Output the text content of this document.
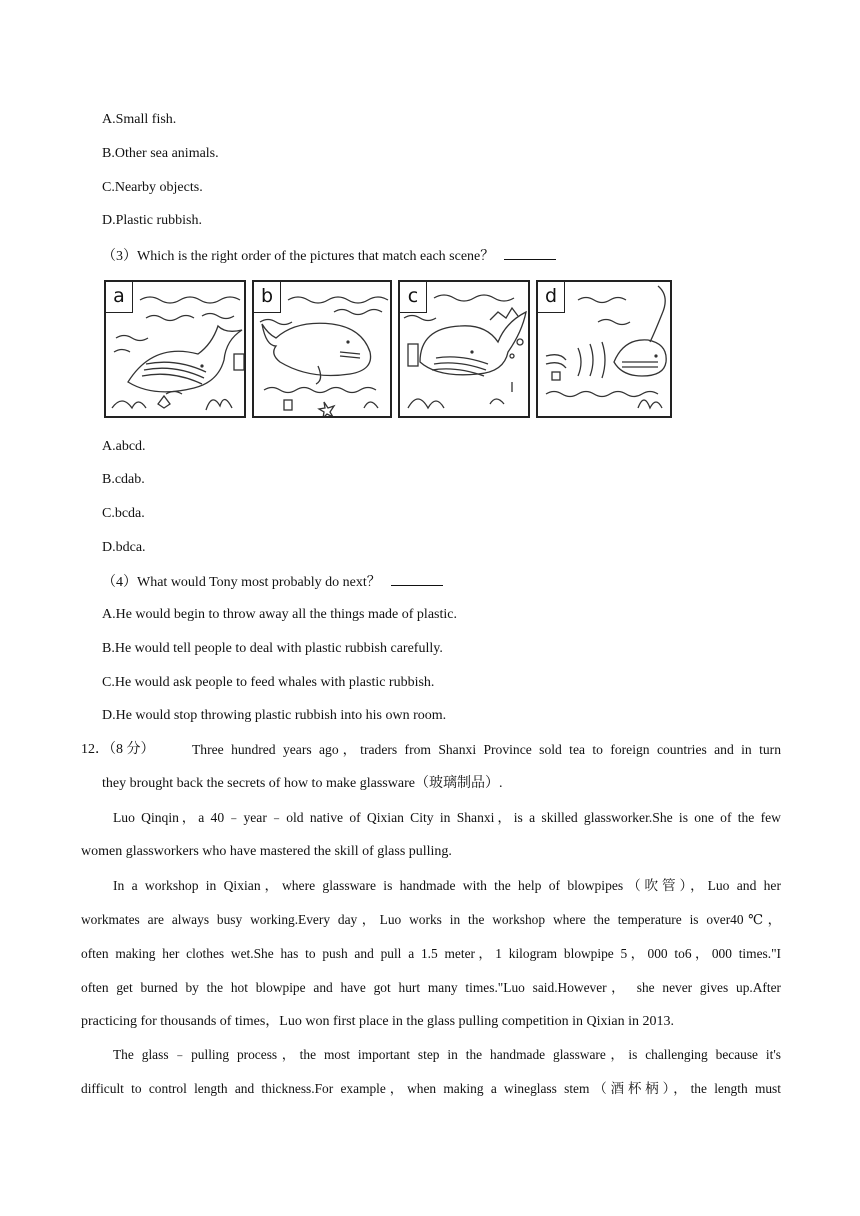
A.Small fish.
B.Other sea animals.
C.Nearby objects.
D.Plastic rubbish.
（3）Which is the right order of the pictures that match each scene？
a	b	c	d
A.abcd.
B.cdab.
C.bcda.
D.bdca.
（4）What would Tony most probably do next？
A.He would begin to throw away all the things made of plastic.
B.He would tell people to deal with plastic rubbish carefully.
C.He would ask people to feed whales with plastic rubbish.
D.He would stop throwing plastic rubbish into his own room.
12．（8 分）	Three hundred years ago，traders from Shanxi Province sold tea to foreign countries and in turn
they brought back the secrets of how to make glassware（玻璃制品）.
Luo Qinqin，a 40﹣year﹣old native of Qixian City in Shanxi，is a skilled glassworker.She is one of the few
women glassworkers who have mastered the skill of glass pulling.
In a workshop in Qixian，where glassware is handmade with the help of blowpipes（吹管），Luo and her
workmates are always busy working.Every day，Luo works in the workshop where the temperature is over40℃，
often making her clothes wet.She has to push and pull a 1.5 meter，1 kilogram blowpipe 5，000 to6，000 times."I
often get burned by the hot blowpipe and have got hurt many times."Luo said.However， she never gives up.After
practicing for thousands of times，Luo won first place in the glass pulling competition in Qixian in 2013.
The glass﹣pulling process，the most important step in the handmade glassware，is challenging because it's
difficult to control length and thickness.For example，when making a wineglass stem（酒杯柄），the length must
